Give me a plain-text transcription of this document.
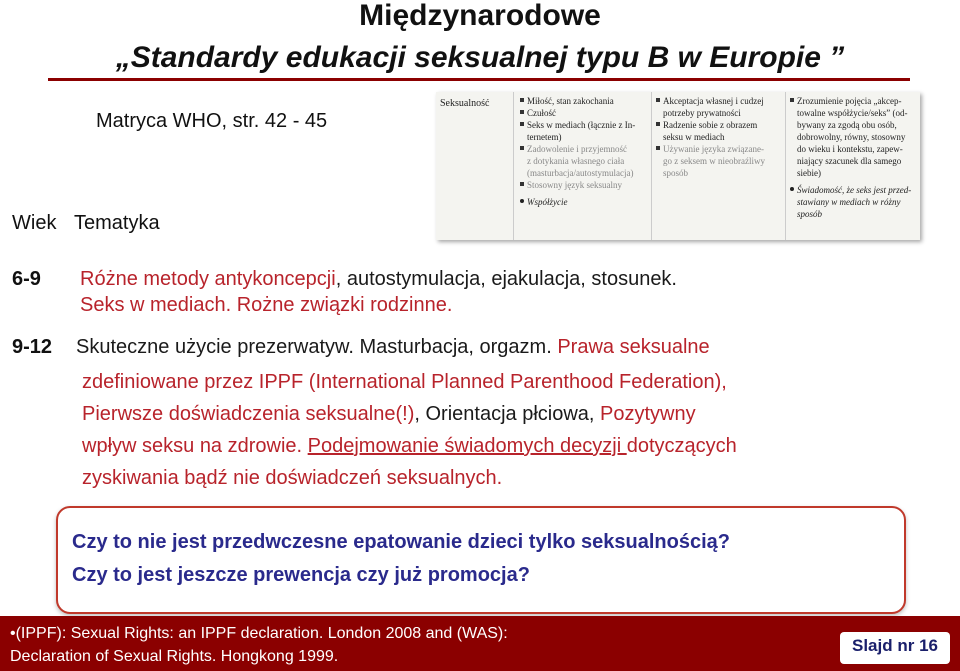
Międzynarodowe
„Standardy edukacji seksualnej typu B w Europie ”
Matryca WHO, str. 42 - 45
Seksualność	Miłość, stan zakochania
Czułość
Seks w mediach (łącznie z In-
ternetem)
Zadowolenie i przyjemność
z dotykania własnego ciała
(masturbacja/autostymulacja)
Stosowny język seksualny
Współżycie
Akceptacja własnej i cudzej
potrzeby prywatności
Radzenie sobie z obrazem
seksu w mediach
Używanie języka związane-
go z seksem w nieobraźliwy
sposób
Zrozumienie pojęcia „akcep-
towalne współżycie/seks” (od-
bywany za zgodą obu osób,
dobrowolny, równy, stosowny
do wieku i kontekstu, zapew-
niający szacunek dla samego
siebie)
Świadomość, że seks jest przed-
stawiany w mediach w różny
sposób
Wiek Tematyka
6-9 Różne metody antykoncepcji, autostymulacja, ejakulacja, stosunek.
Seks w mediach. Rożne związki rodzinne.
9-12 Skuteczne użycie prezerwatyw. Masturbacja, orgazm. Prawa seksualne
zdefiniowane przez IPPF (International Planned Parenthood Federation),
Pierwsze doświadczenia seksualne(!), Orientacja płciowa, Pozytywny
wpływ seksu na zdrowie. Podejmowanie świadomych decyzji dotyczących
zyskiwania bądź nie doświadczeń seksualnych.
Czy to nie jest przedwczesne epatowanie dzieci tylko seksualnością?
Czy to jest jeszcze prewencja czy już promocja?
•(IPPF): Sexual Rights: an IPPF declaration. London 2008 and (WAS):
Declaration of Sexual Rights. Hongkong 1999.
Slajd nr 16
